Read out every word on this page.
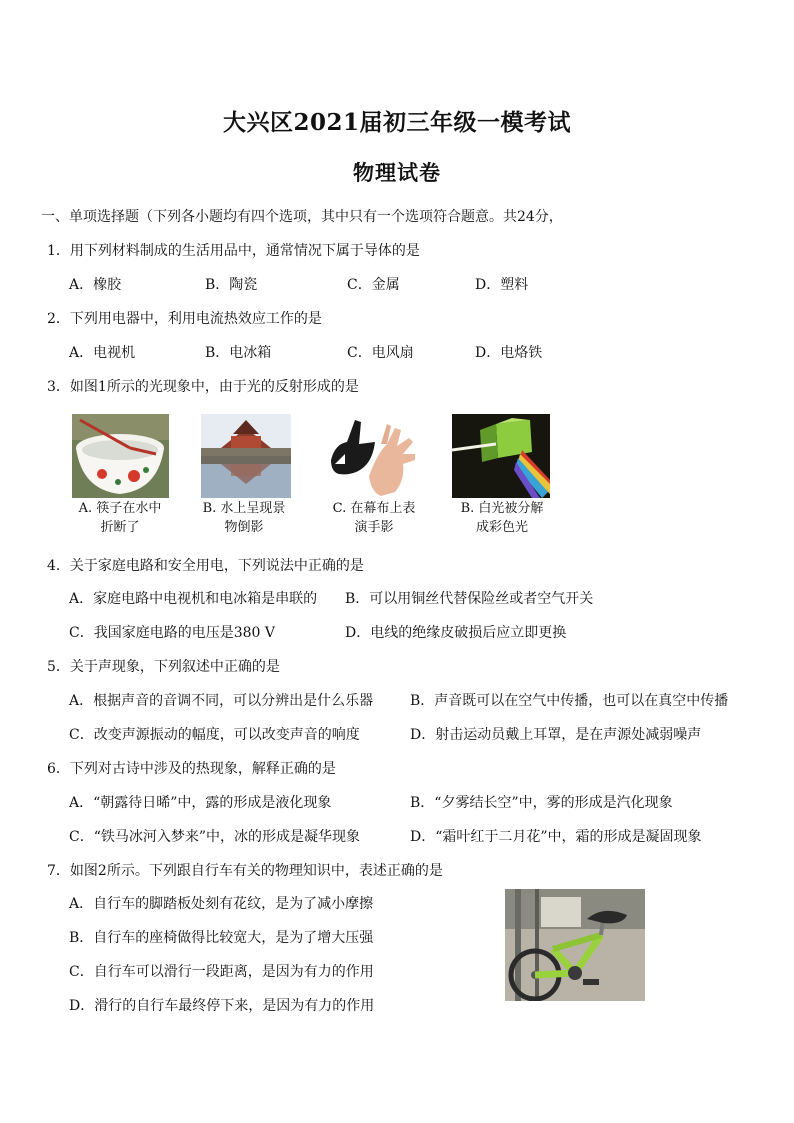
大兴区2021届初三年级一模考试
物理试卷
一、单项选择题（下列各小题均有四个选项，其中只有一个选项符合题意。共24分，
1．用下列材料制成的生活用品中，通常情况下属于导体的是
A．橡胶	B．陶瓷	C．金属	D．塑料
2．下列用电器中，利用电流热效应工作的是
A．电视机	B．电冰箱	C．电风扇	D．电烙铁
3．如图1所示的光现象中，由于光的反射形成的是
A. 筷子在水中
折断了
B. 水上呈现景
物倒影
C. 在幕布上表
演手影
B. 白光被分解
成彩色光
4．关于家庭电路和安全用电，下列说法中正确的是
A．家庭电路中电视机和电冰箱是串联的 B．可以用铜丝代替保险丝或者空气开关
C．我国家庭电路的电压是380 V	D．电线的绝缘皮破损后应立即更换
5．关于声现象，下列叙述中正确的是
A．根据声音的音调不同，可以分辨出是什么乐器	B．声音既可以在空气中传播，也可以在真空中传播
C．改变声源振动的幅度，可以改变声音的响度	D．射击运动员戴上耳罩，是在声源处减弱噪声
6．下列对古诗中涉及的热现象，解释正确的是
A．“朝露待日晞”中，露的形成是液化现象	B．“夕雾结长空”中，雾的形成是汽化现象
C．“铁马冰河入梦来”中，冰的形成是凝华现象	D．“霜叶红于二月花”中，霜的形成是凝固现象
7．如图2所示。下列跟自行车有关的物理知识中，表述正确的是
A．自行车的脚踏板处刻有花纹，是为了减小摩擦
B．自行车的座椅做得比较宽大，是为了增大压强
C．自行车可以滑行一段距离，是因为有力的作用
D．滑行的自行车最终停下来，是因为有力的作用
